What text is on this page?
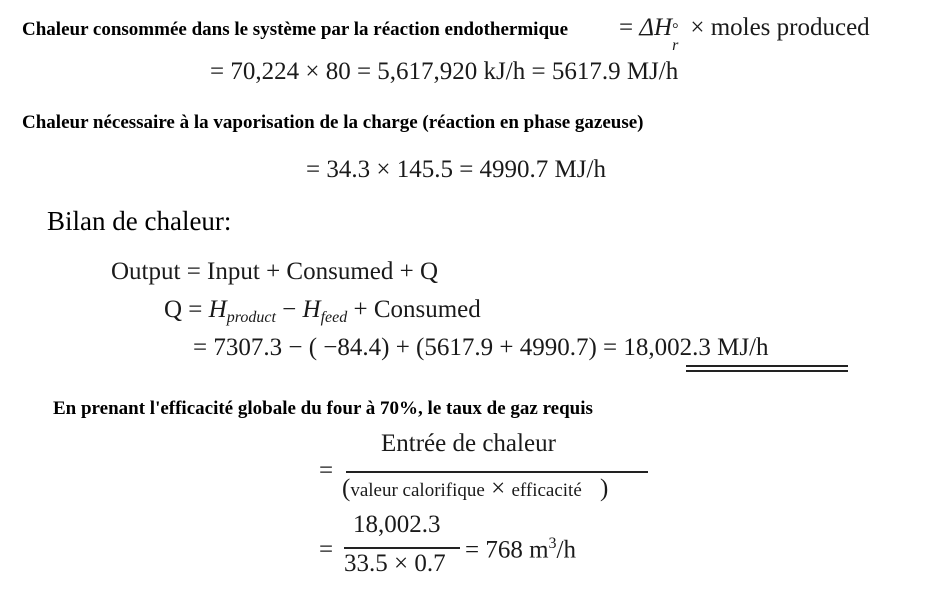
Chaleur consommée dans le système par la réaction endothermique = ΔH °
r
× moles produced
= 70,224 × 80 = 5,617,920 kJ/h = 5617.9 MJ/h
Chaleur nécessaire à la vaporisation de la charge (réaction en phase gazeuse)
= 34.3 × 145.5 = 4990.7 MJ/h
Bilan de chaleur:
Output = Input + Consumed + Q
$Q = H_{product} - H_{feed}$ + Consumed
= 7307.3 − ( −84.4) + (5617.9 + 4990.7) = 18,002.3 MJ/h
En prenant l'efficacité globale du four à 70%, le taux de gaz requis
=
Entrée de chaleur
(valeur calorifique × efficacité )
=
18,002.3
33.5 × 0.7
= 768 $m^3/h$
